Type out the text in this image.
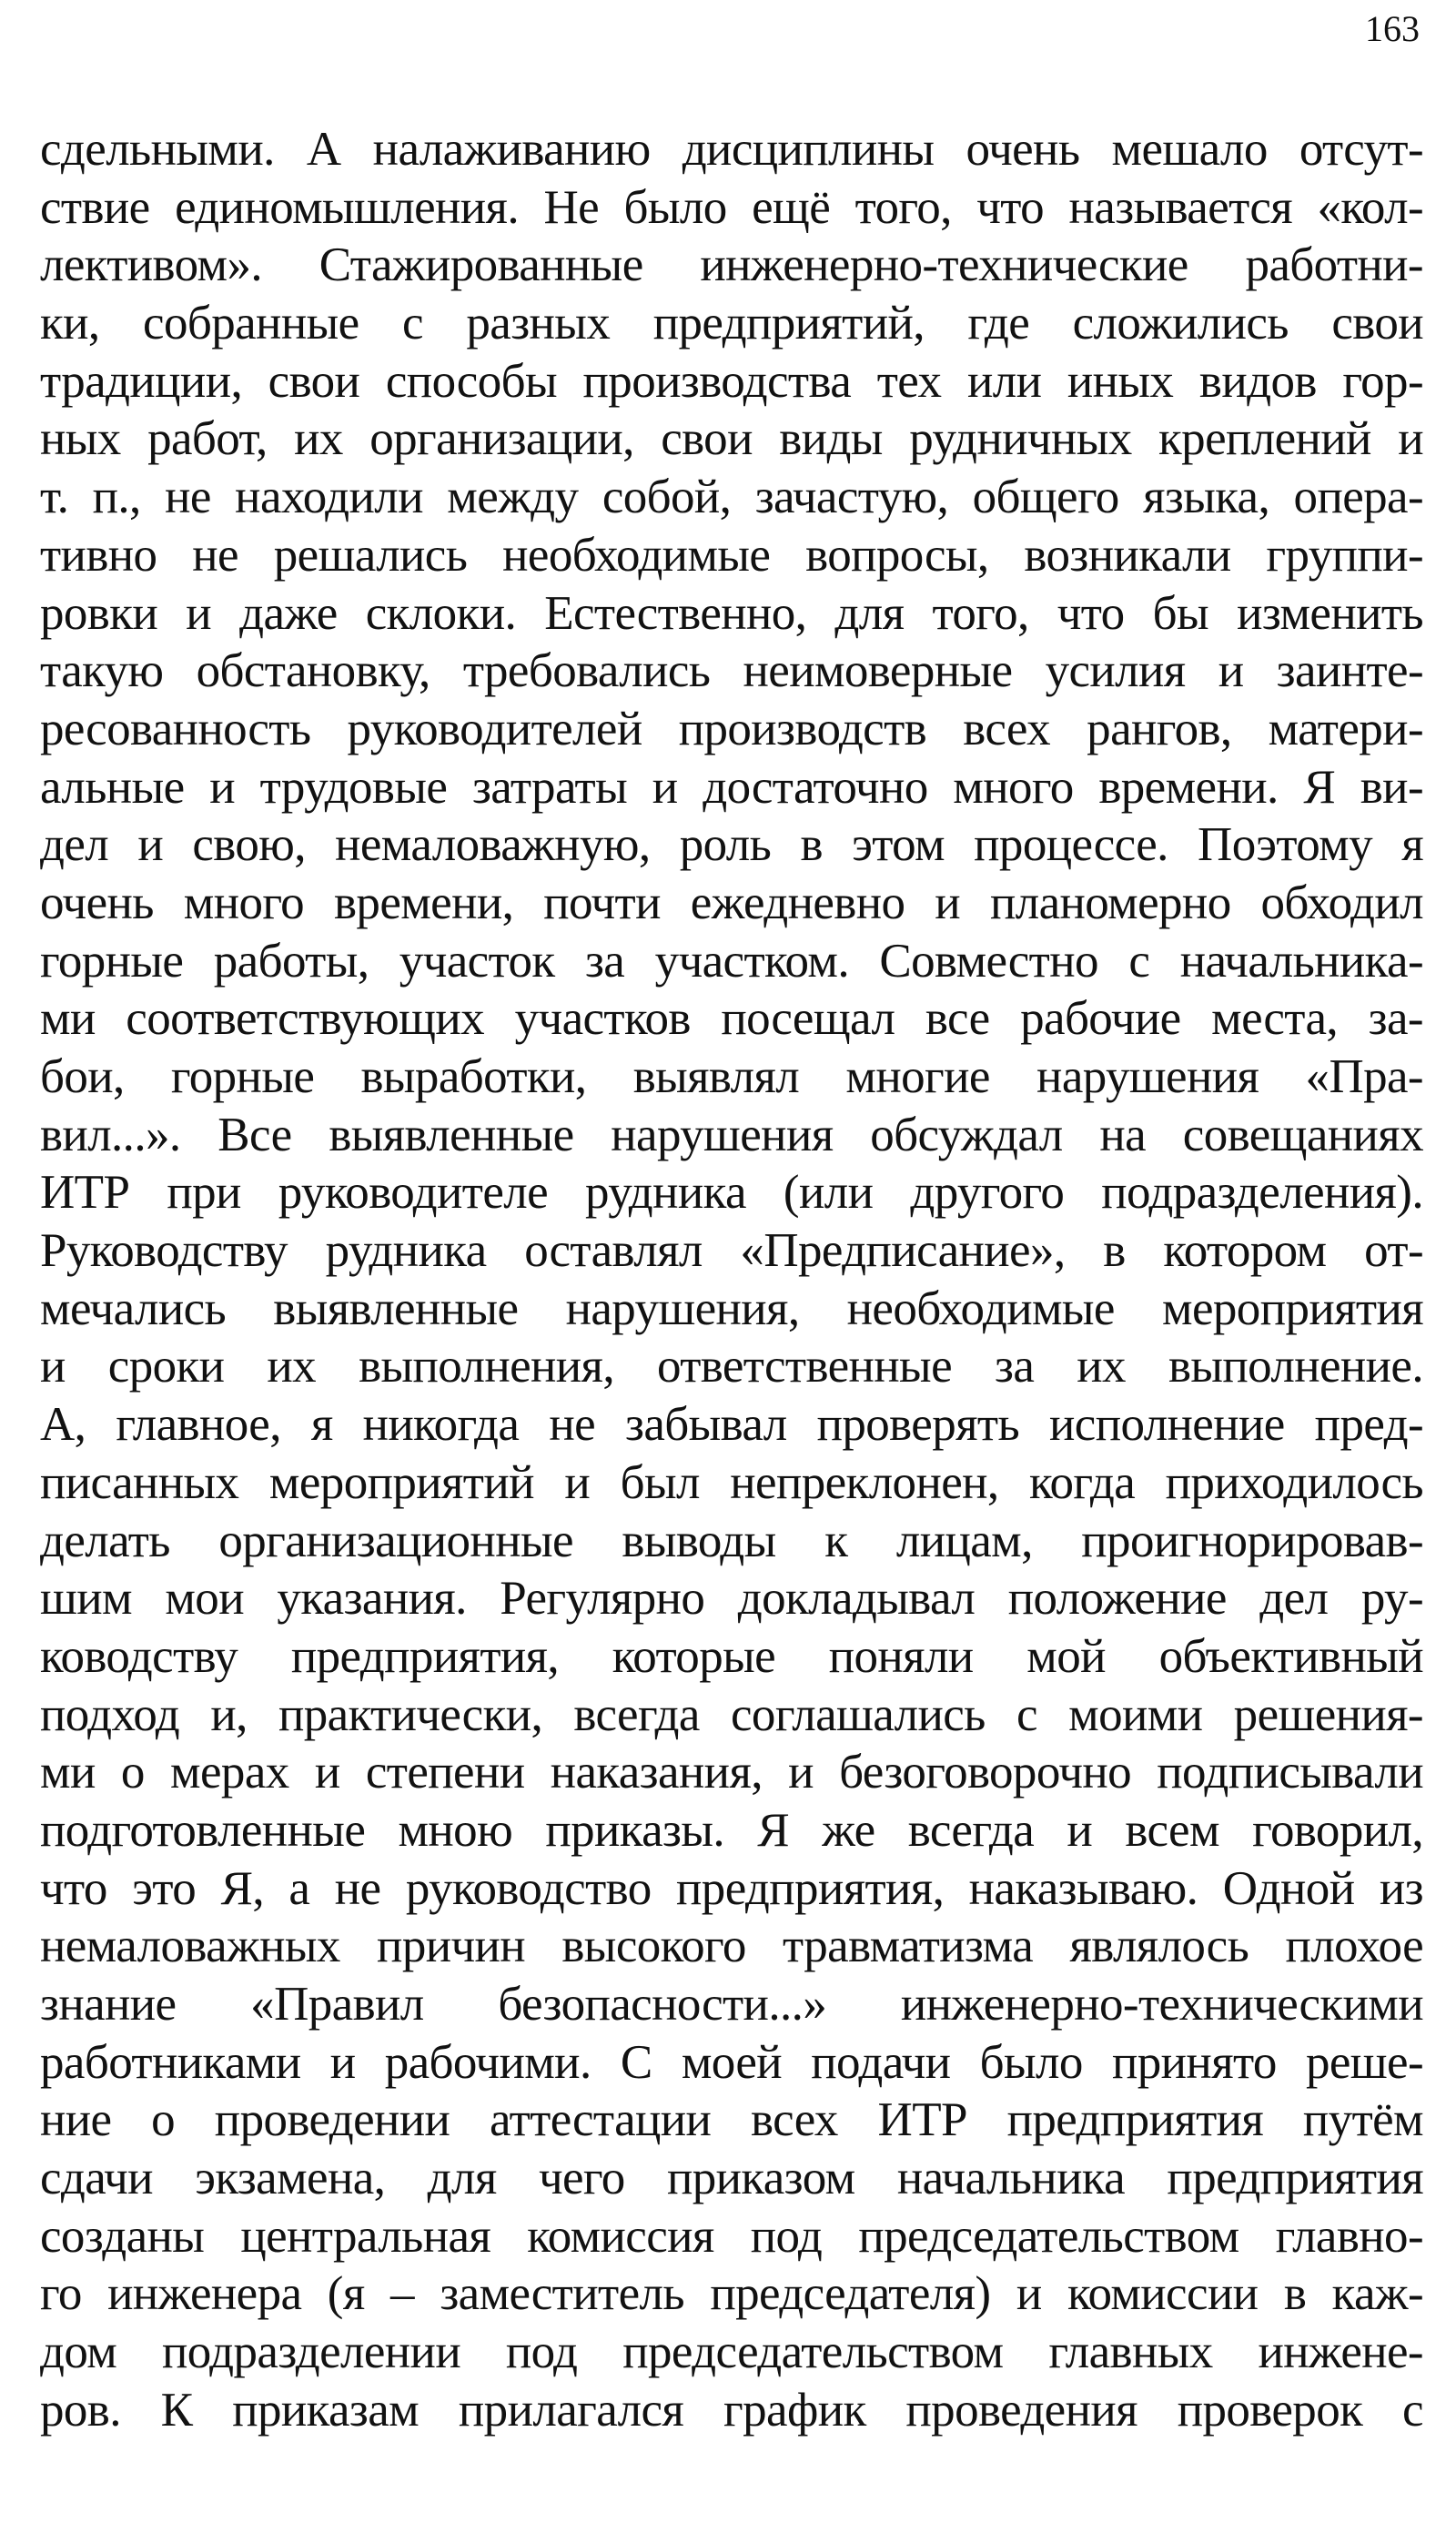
163
сдельными. А налаживанию дисциплины очень мешало отсут-
ствие единомышления. Не было ещё того, что называется «кол-
лективом». Стажированные инженерно-технические работни-
ки, собранные с разных предприятий, где сложились свои
традиции, свои способы производства тех или иных видов гор-
ных работ, их организации, свои виды рудничных креплений и
т. п., не находили между собой, зачастую, общего языка, опера-
тивно не решались необходимые вопросы, возникали группи-
ровки и даже склоки. Естественно, для того, что бы изменить
такую обстановку, требовались неимоверные усилия и заинте-
ресованность руководителей производств всех рангов, матери-
альные и трудовые затраты и достаточно много времени. Я ви-
дел и свою, немаловажную, роль в этом процессе. Поэтому я
очень много времени, почти ежедневно и планомерно обходил
горные работы, участок за участком. Совместно с начальника-
ми соответствующих участков посещал все рабочие места, за-
бои, горные выработки, выявлял многие нарушения «Пра-
вил...». Все выявленные нарушения обсуждал на совещаниях
ИТР при руководителе рудника (или другого подразделения).
Руководству рудника оставлял «Предписание», в котором от-
мечались выявленные нарушения, необходимые мероприятия
и сроки их выполнения, ответственные за их выполнение.
А, главное, я никогда не забывал проверять исполнение пред-
писанных мероприятий и был непреклонен, когда приходилось
делать организационные выводы к лицам, проигнорировав-
шим мои указания. Регулярно докладывал положение дел ру-
ководству предприятия, которые поняли мой объективный
подход и, практически, всегда соглашались с моими решения-
ми о мерах и степени наказания, и безоговорочно подписывали
подготовленные мною приказы. Я же всегда и всем говорил,
что это Я, а не руководство предприятия, наказываю. Одной из
немаловажных причин высокого травматизма являлось плохое
знание «Правил безопасности...» инженерно-техническими
работниками и рабочими. С моей подачи было принято реше-
ние о проведении аттестации всех ИТР предприятия путём
сдачи экзамена, для чего приказом начальника предприятия
созданы центральная комиссия под председательством главно-
го инженера (я – заместитель председателя) и комиссии в каж-
дом подразделении под председательством главных инжене-
ров. К приказам прилагался график проведения проверок с
